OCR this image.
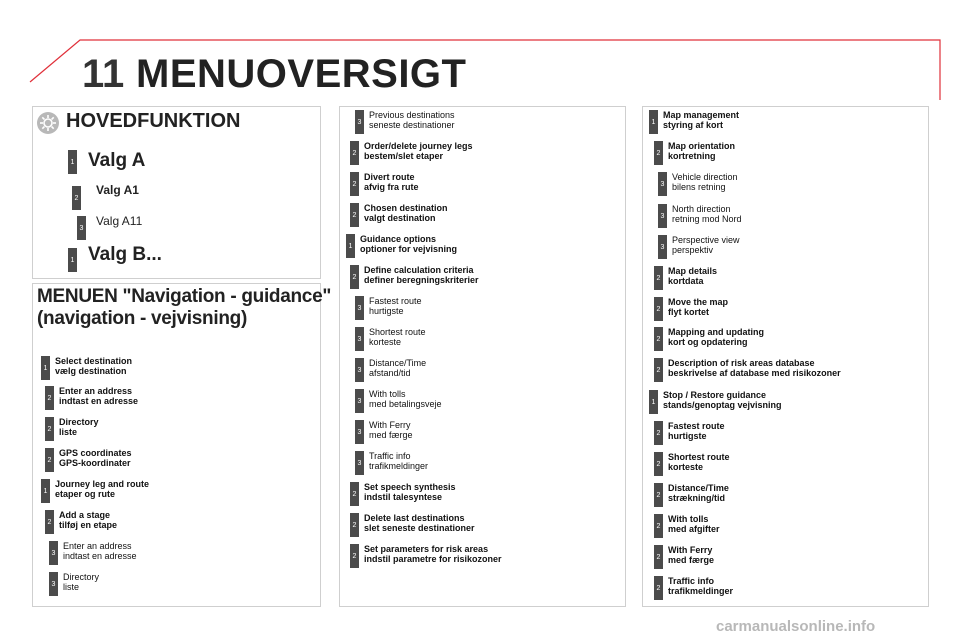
11 MENUOVERSIGT
HOVEDFUNKTION
1 Valg A
2
Valg A1
3 Valg A11
1 Valg B...
MENUEN "Navigation - guidance"
(navigation - vejvisning)
1
Select destination
vælg destination
2
Enter an address
indtast en adresse
2
Directory
liste
2
GPS coordinates
GPS-koordinater
1
Journey leg and route
etaper og rute
2
Add a stage
tilføj en etape
3
Enter an address
indtast en adresse
3
Directory
liste
3
Previous destinations
seneste destinationer
2
Order/delete journey legs
bestem/slet etaper
2
Divert route
afvig fra rute
2
Chosen destination
valgt destination
1
Guidance options
optioner for vejvisning
2
Define calculation criteria
definer beregningskriterier
3
Fastest route
hurtigste
3
Shortest route
korteste
3
Distance/Time
afstand/tid
3
With tolls
med betalingsveje
3
With Ferry
med færge
3
Traffic info
trafikmeldinger
2
Set speech synthesis
indstil talesyntese
2
Delete last destinations
slet seneste destinationer
2
Set parameters for risk areas
indstil parametre for risikozoner
1
Map management
styring af kort
2
Map orientation
kortretning
3
Vehicle direction
bilens retning
3
North direction
retning mod Nord
3
Perspective view
perspektiv
2
Map details
kortdata
2
Move the map
flyt kortet
2
Mapping and updating
kort og opdatering
2
Description of risk areas database
beskrivelse af database med risikozoner
1
Stop / Restore guidance
stands/genoptag vejvisning
2
Fastest route
hurtigste
2
Shortest route
korteste
2
Distance/Time
strækning/tid
2
With tolls
med afgifter
2
With Ferry
med færge
2
Traffic info
trafikmeldinger
carmanualsonline.info
